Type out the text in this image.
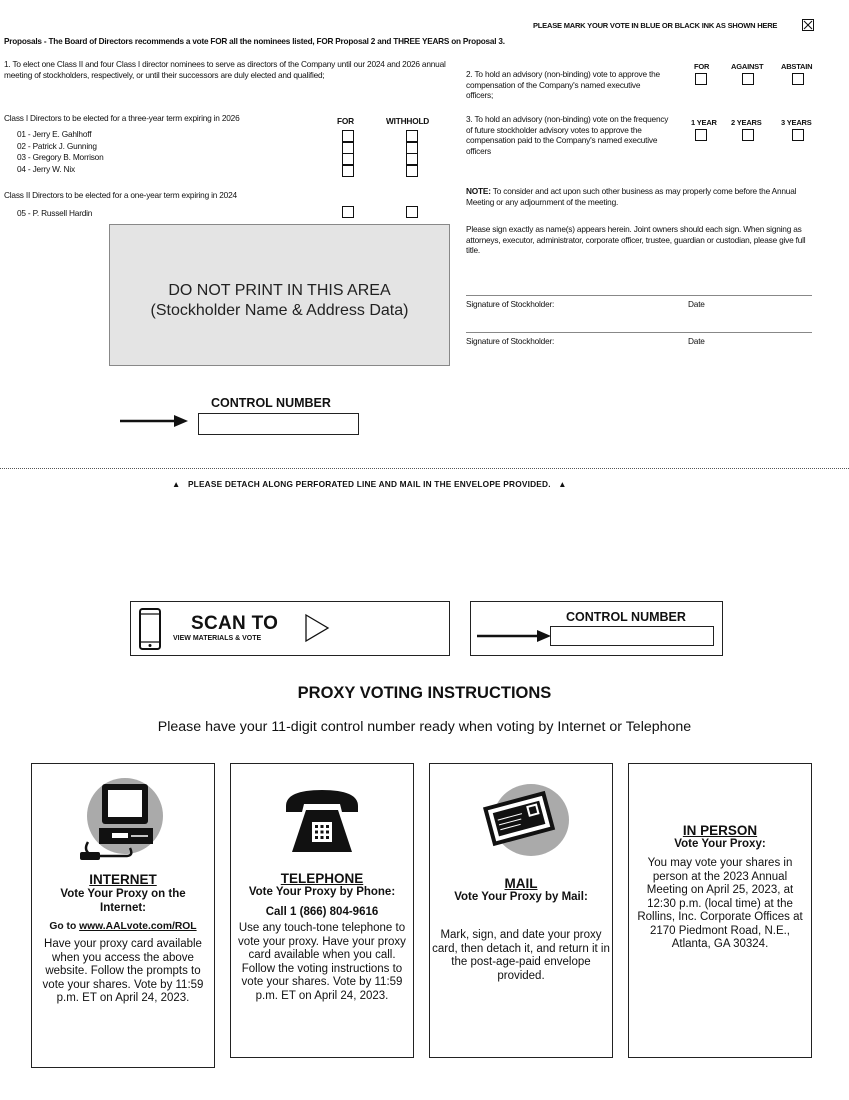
PLEASE MARK YOUR VOTE IN BLUE OR BLACK INK AS SHOWN HERE
Proposals - The Board of Directors recommends a vote FOR all the nominees listed, FOR Proposal 2 and THREE YEARS on Proposal 3.
1. To elect one Class II and four Class I director nominees to serve as directors of the Company until our 2024 and 2026 annual meeting of stockholders, respectively, or until their successors are duly elected and qualified;
Class I Directors to be elected for a three-year term expiring in 2026	FOR	WITHHOLD
01 - Jerry E. Gahlhoff
02 - Patrick J. Gunning
03 - Gregory B. Morrison
04 - Jerry W. Nix
Class II Directors to be elected for a one-year term expiring in 2024
05 - P. Russell Hardin
2. To hold an advisory (non-binding) vote to approve the compensation of the Company's named executive officers;
FOR	AGAINST ABSTAIN
3. To hold an advisory (non-binding) vote on the frequency of future stockholder advisory votes to approve the compensation paid to the Company's named executive officers
1 YEAR 2 YEARS	3 YEARS
NOTE: To consider and act upon such other business as may properly come before the Annual Meeting or any adjournment of the meeting.
Please sign exactly as name(s) appears herein. Joint owners should each sign. When signing as attorneys, executor, administrator, corporate officer, trustee, guardian or custodian, please give full title.
Signature of Stockholder:	Date
Signature of Stockholder:	Date
DO NOT PRINT IN THIS AREA
(Stockholder Name & Address Data)
CONTROL NUMBER
▲ PLEASE DETACH ALONG PERFORATED LINE AND MAIL IN THE ENVELOPE PROVIDED. ▲
SCAN TO
VIEW MATERIALS & VOTE
CONTROL NUMBER
PROXY VOTING INSTRUCTIONS
Please have your 11-digit control number ready when voting by Internet or Telephone
INTERNET
Vote Your Proxy on the Internet:
Go to www.AALvote.com/ROL
Have your proxy card available when you access the above website. Follow the prompts to vote your shares. Vote by 11:59 p.m. ET on April 24, 2023.
TELEPHONE
Vote Your Proxy by Phone:
Call 1 (866) 804-9616
Use any touch-tone telephone to vote your proxy. Have your proxy card available when you call. Follow the voting instructions to vote your shares. Vote by 11:59 p.m. ET on April 24, 2023.
MAIL
Vote Your Proxy by Mail:
Mark, sign, and date your proxy card, then detach it, and return it in the post-age-paid envelope provided.
IN PERSON
Vote Your Proxy:
You may vote your shares in person at the 2023 Annual Meeting on April 25, 2023, at 12:30 p.m. (local time) at the Rollins, Inc. Corporate Offices at 2170 Piedmont Road, N.E., Atlanta, GA 30324.
